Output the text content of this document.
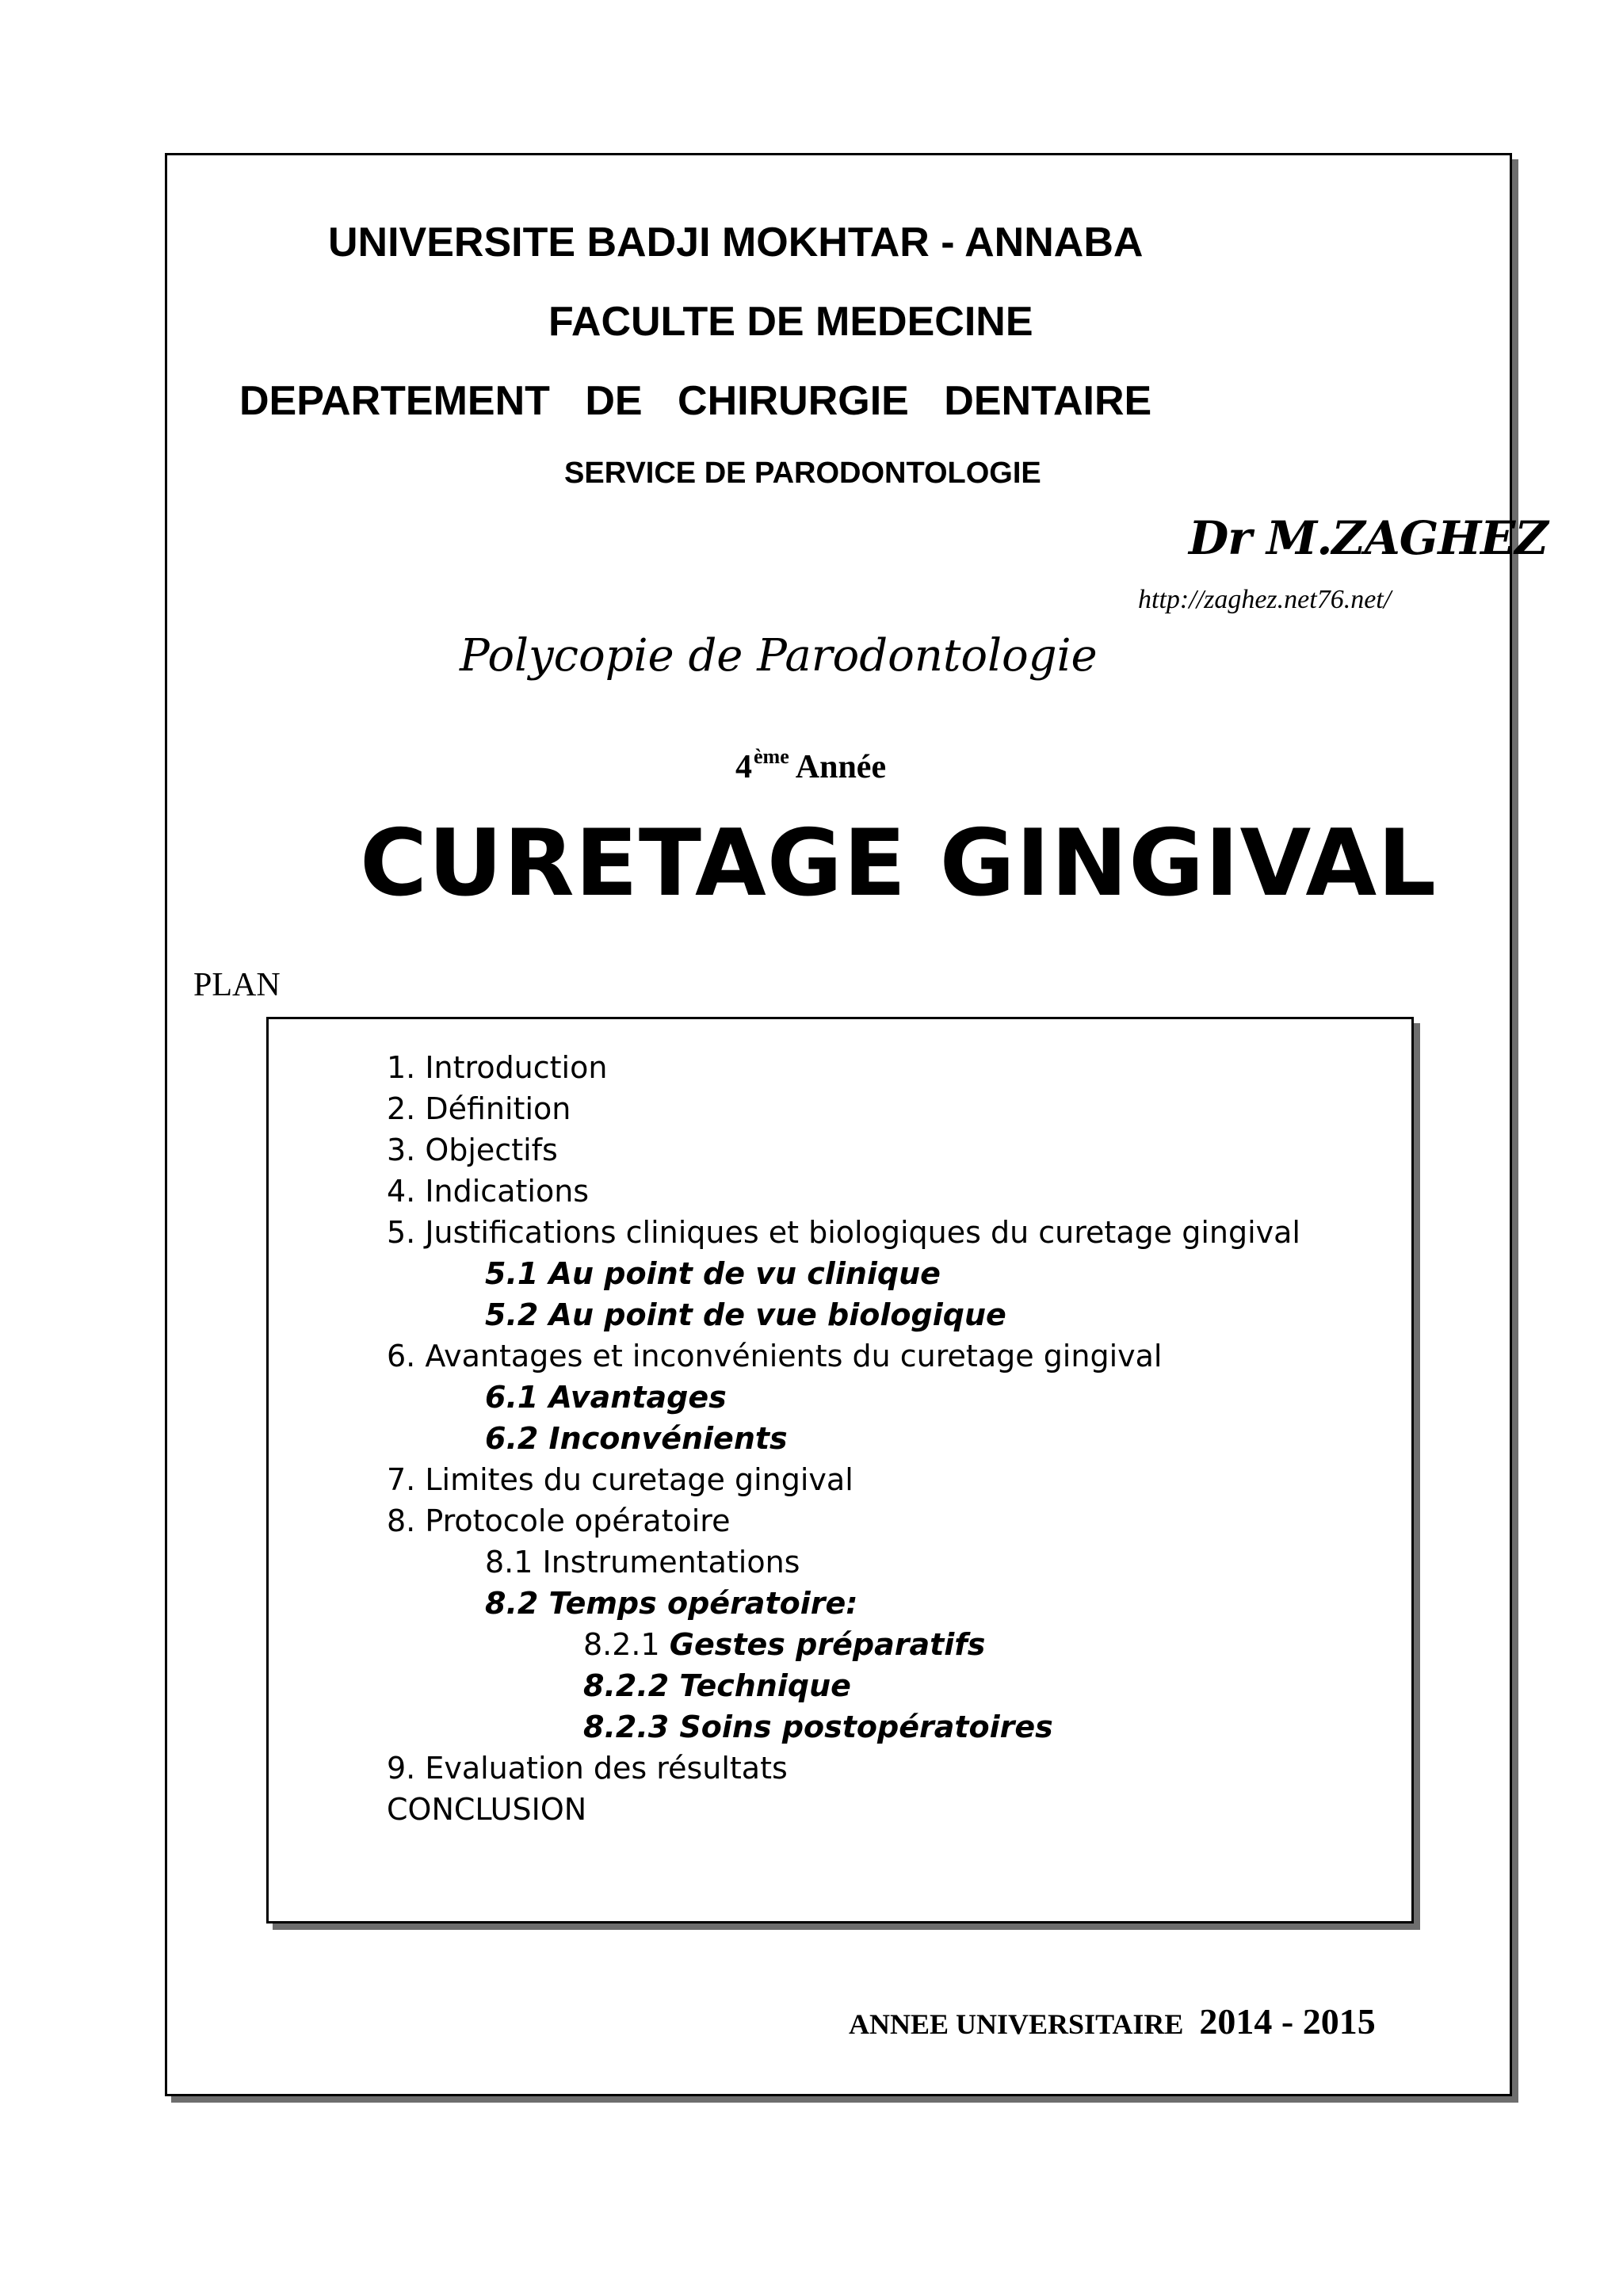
UNIVERSITE BADJI MOKHTAR - ANNABA
FACULTE DE MEDECINE
DEPARTEMENT DE CHIRURGIE DENTAIRE
SERVICE DE PARODONTOLOGIE
Dr M.ZAGHEZ
http://zaghez.net76.net/
Polycopie de Parodontologie
4ème Année
CURETAGE GINGIVAL
PLAN
1. Introduction
2. Définition
3. Objectifs
4. Indications
5. Justifications cliniques et biologiques du curetage gingival
5.1 Au point de vu clinique
5.2 Au point de vue biologique
6. Avantages et inconvénients du curetage gingival
6.1 Avantages
6.2 Inconvénients
7. Limites du curetage gingival
8. Protocole opératoire
8.1 Instrumentations
8.2 Temps opératoire:
8.2.1 Gestes préparatifs
8.2.2 Technique
8.2.3 Soins postopératoires
9. Evaluation des résultats
CONCLUSION
ANNEE UNIVERSITAIRE 2014 - 2015
